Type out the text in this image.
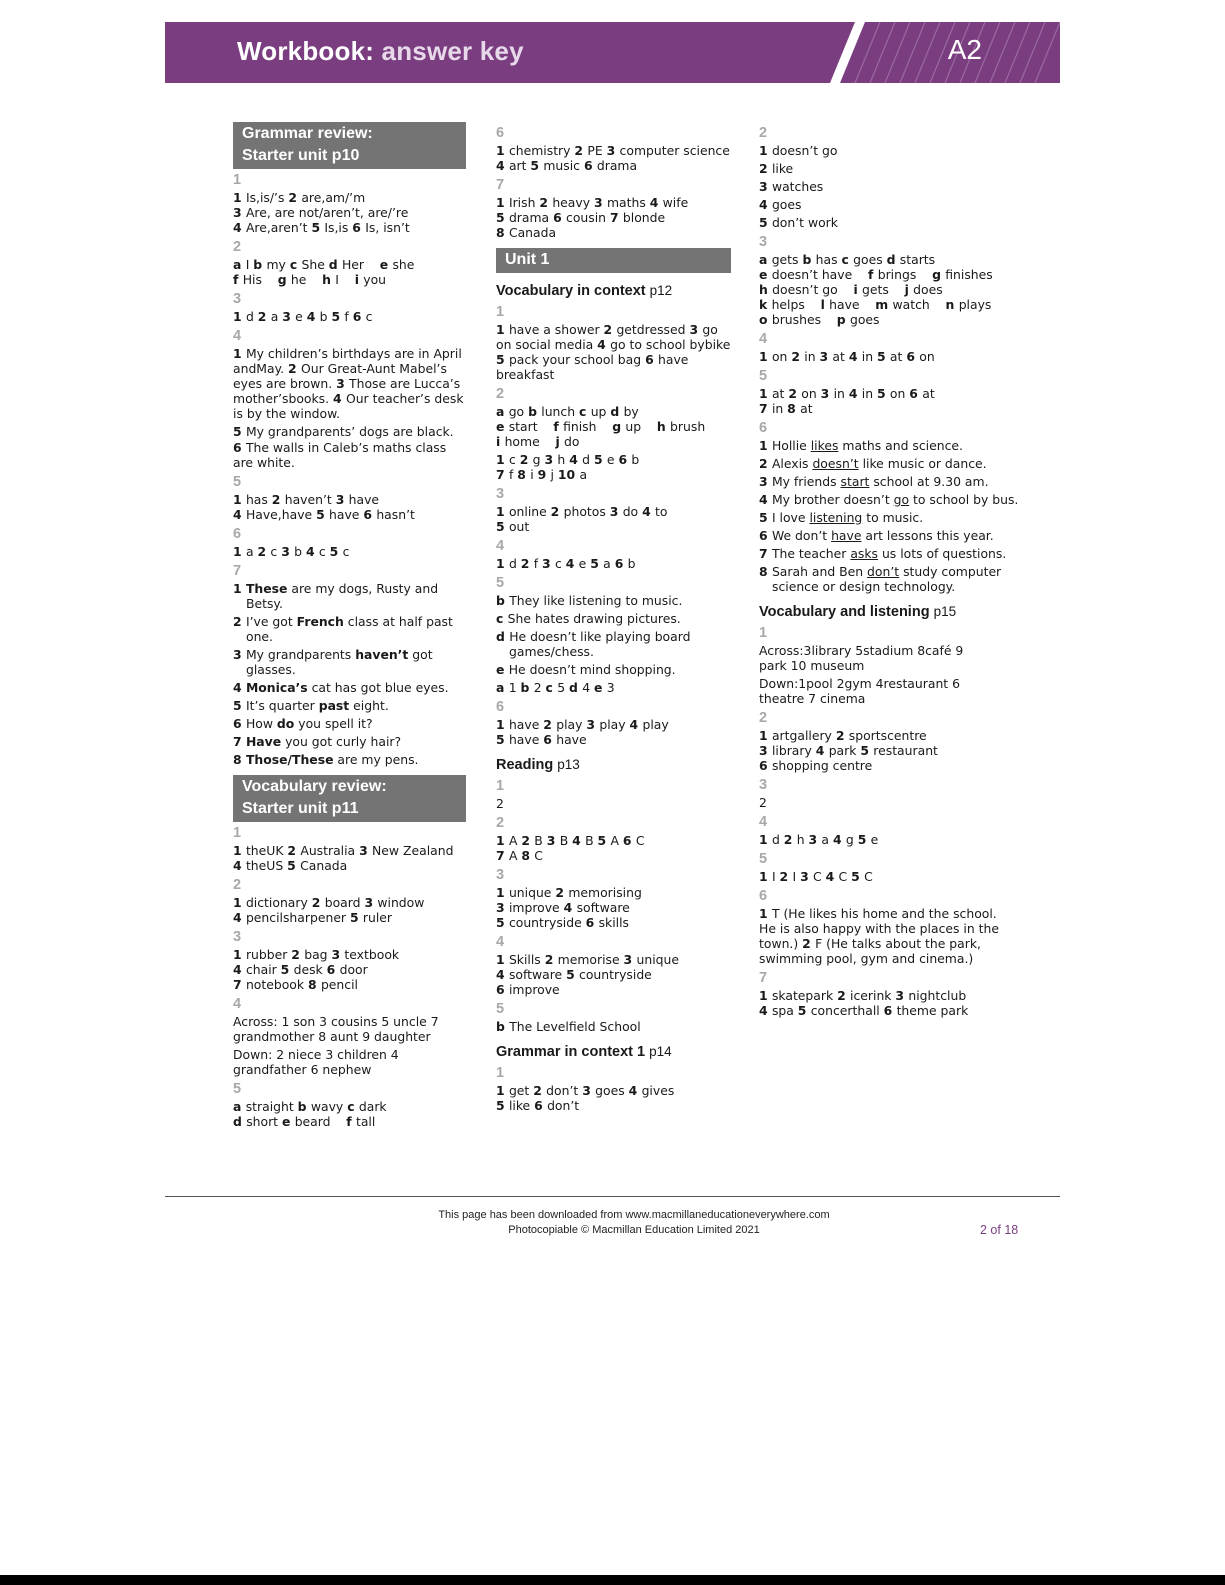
Workbook: answer key	A2
Grammar review:
Starter unit p10
1
1 Is,is/’s 2 are,am/’m
3 Are, are not/aren’t, are/’re
4 Are,aren’t 5 Is,is 6 Is, isn’t
2
a I b my c She d Her    e she
f His    g he    h I    i you
3
1 d 2 a 3 e 4 b 5 f 6 c
4
1 My children’s birthdays are in April andMay. 2 Our Great-Aunt Mabel’s eyes are brown. 3 Those are Lucca’s mother’sbooks. 4 Our teacher’s desk is by the window.
5 My grandparents’ dogs are black.
6 The walls in Caleb’s maths class are white.
5
1 has 2 haven’t 3 have
4 Have,have 5 have 6 hasn’t
6
1 a 2 c 3 b 4 c 5 c
7
1 These are my dogs, Rusty and Betsy.
2 I’ve got French class at half past one.
3 My grandparents haven’t got glasses.
4 Monica’s cat has got blue eyes.
5 It’s quarter past eight.
6 How do you spell it?
7 Have you got curly hair?
8 Those/These are my pens.
Vocabulary review:
Starter unit p11
1
1 theUK 2 Australia 3 New Zealand 4 theUS 5 Canada
2
1 dictionary 2 board 3 window
4 pencilsharpener 5 ruler
3
1 rubber 2 bag 3 textbook
4 chair 5 desk 6 door
7 notebook 8 pencil
4
Across: 1 son 3 cousins 5 uncle 7 grandmother 8 aunt 9 daughter
Down: 2 niece 3 children 4 grandfather 6 nephew
5
a straight b wavy c dark
d short e beard    f tall
6
1 chemistry 2 PE 3 computer science 4 art 5 music 6 drama
7
1 Irish 2 heavy 3 maths 4 wife
5 drama 6 cousin 7 blonde
8 Canada
Unit 1
Vocabulary in context p12
1
1 have a shower 2 getdressed 3 go on social media 4 go to school bybike 5 pack your school bag 6 have breakfast
2
a go b lunch c up d by
e start    f finish    g up    h brush
i home    j do
1 c 2 g 3 h 4 d 5 e 6 b
7 f 8 i 9 j 10 a
3
1 online 2 photos 3 do 4 to
5 out
4
1 d 2 f 3 c 4 e 5 a 6 b
5
b They like listening to music.
c She hates drawing pictures.
d He doesn’t like playing board games/chess.
e He doesn’t mind shopping.
a 1 b 2 c 5 d 4 e 3
6
1 have 2 play 3 play 4 play
5 have 6 have
Reading p13
1
2
2
1 A 2 B 3 B 4 B 5 A 6 C
7 A 8 C
3
1 unique 2 memorising
3 improve 4 software
5 countryside 6 skills
4
1 Skills 2 memorise 3 unique
4 software 5 countryside
6 improve
5
b The Levelfield School
Grammar in context 1 p14
1
1 get 2 don’t 3 goes 4 gives
5 like 6 don’t
2
1 doesn’t go
2 like
3 watches
4 goes
5 don’t work
3
a gets b has c goes d starts
e doesn’t have    f brings    g finishes
h doesn’t go    i gets    j does
k helps    l have    m watch    n plays
o brushes    p goes
4
1 on 2 in 3 at 4 in 5 at 6 on
5
1 at 2 on 3 in 4 in 5 on 6 at
7 in 8 at
6
1 Hollie likes maths and science.
2 Alexis doesn’t like music or dance.
3 My friends start school at 9.30 am.
4 My brother doesn’t go to school by bus.
5 I love listening to music.
6 We don’t have art lessons this year.
7 The teacher asks us lots of questions.
8 Sarah and Ben don’t study computer science or design technology.
Vocabulary and listening p15
1
Across:3library 5stadium 8café 9 park 10 museum
Down:1pool 2gym 4restaurant 6 theatre 7 cinema
2
1 artgallery 2 sportscentre
3 library 4 park 5 restaurant
6 shopping centre
3
2
4
1 d 2 h 3 a 4 g 5 e
5
1 I 2 I 3 C 4 C 5 C
6
1 T (He likes his home and the school. He is also happy with the places in the town.) 2 F (He talks about the park, swimming pool, gym and cinema.)
7
1 skatepark 2 icerink 3 nightclub
4 spa 5 concerthall 6 theme park
This page has been downloaded from www.macmillaneducationeverywhere.com
Photocopiable © Macmillan Education Limited 2021	2 of 18
